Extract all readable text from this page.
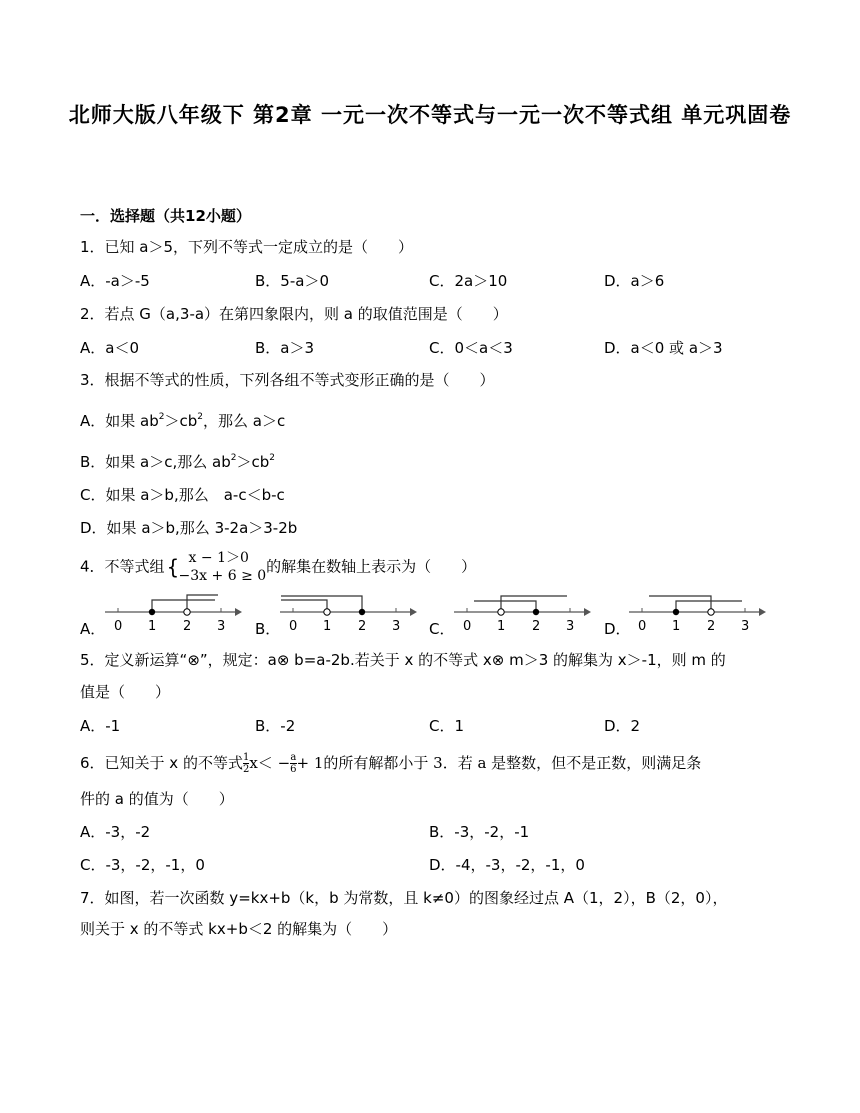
北师大版八年级下 第2章 一元一次不等式与一元一次不等式组 单元巩固卷
一．选择题（共12小题）
1．已知 a＞5，下列不等式一定成立的是（　　）
A．-a＞-5	B．5-a＞0	C．2a＞10	D．a＞6
2．若点 G（a,3-a）在第四象限内，则 a 的取值范围是（　　）
A．a＜0	B．a＞3	C．0＜a＜3	D．a＜0 或 a＞3
3．根据不等式的性质，下列各组不等式变形正确的是（　　）
A．如果 $ab^2>cb^2$，那么 a＞c
B．如果 a＞c,那么 $ab^2>cb^2$
C．如果 a＞b,那么　a-c＜b-c
D．如果 a＞b,那么 3-2a＞3-2b
4．不等式组 { x − 1＞0
−3x + 6 ≥ 0
的解集在数轴上表示为（　　）
A． 0 1 2 3 B． 0 1 2 3 C． 0 1 2 3 D． 0 1 2 3
5．定义新运算“⊗”，规定：a⊗ b=a-2b.若关于 x 的不等式 x⊗ m＞3 的解集为 x＞-1，则 m 的
值是（　　）
A．-1	B．-2	C．1	D．2
6．已知关于 x 的不等式 $\frac{1}{2} x< - \frac{a}{6} + 1$的所有解都小于 3．若 a 是整数，但不是正数，则满足条
件的 a 的值为（　　）
A．-3，-2	B．-3，-2，-1
C．-3，-2，-1，0	D．-4，-3，-2，-1，0
7．如图，若一次函数 y=kx+b（k，b 为常数，且 k≠0）的图象经过点 A（1，2），B（2，0），
则关于 x 的不等式 kx+b＜2 的解集为（　　）
